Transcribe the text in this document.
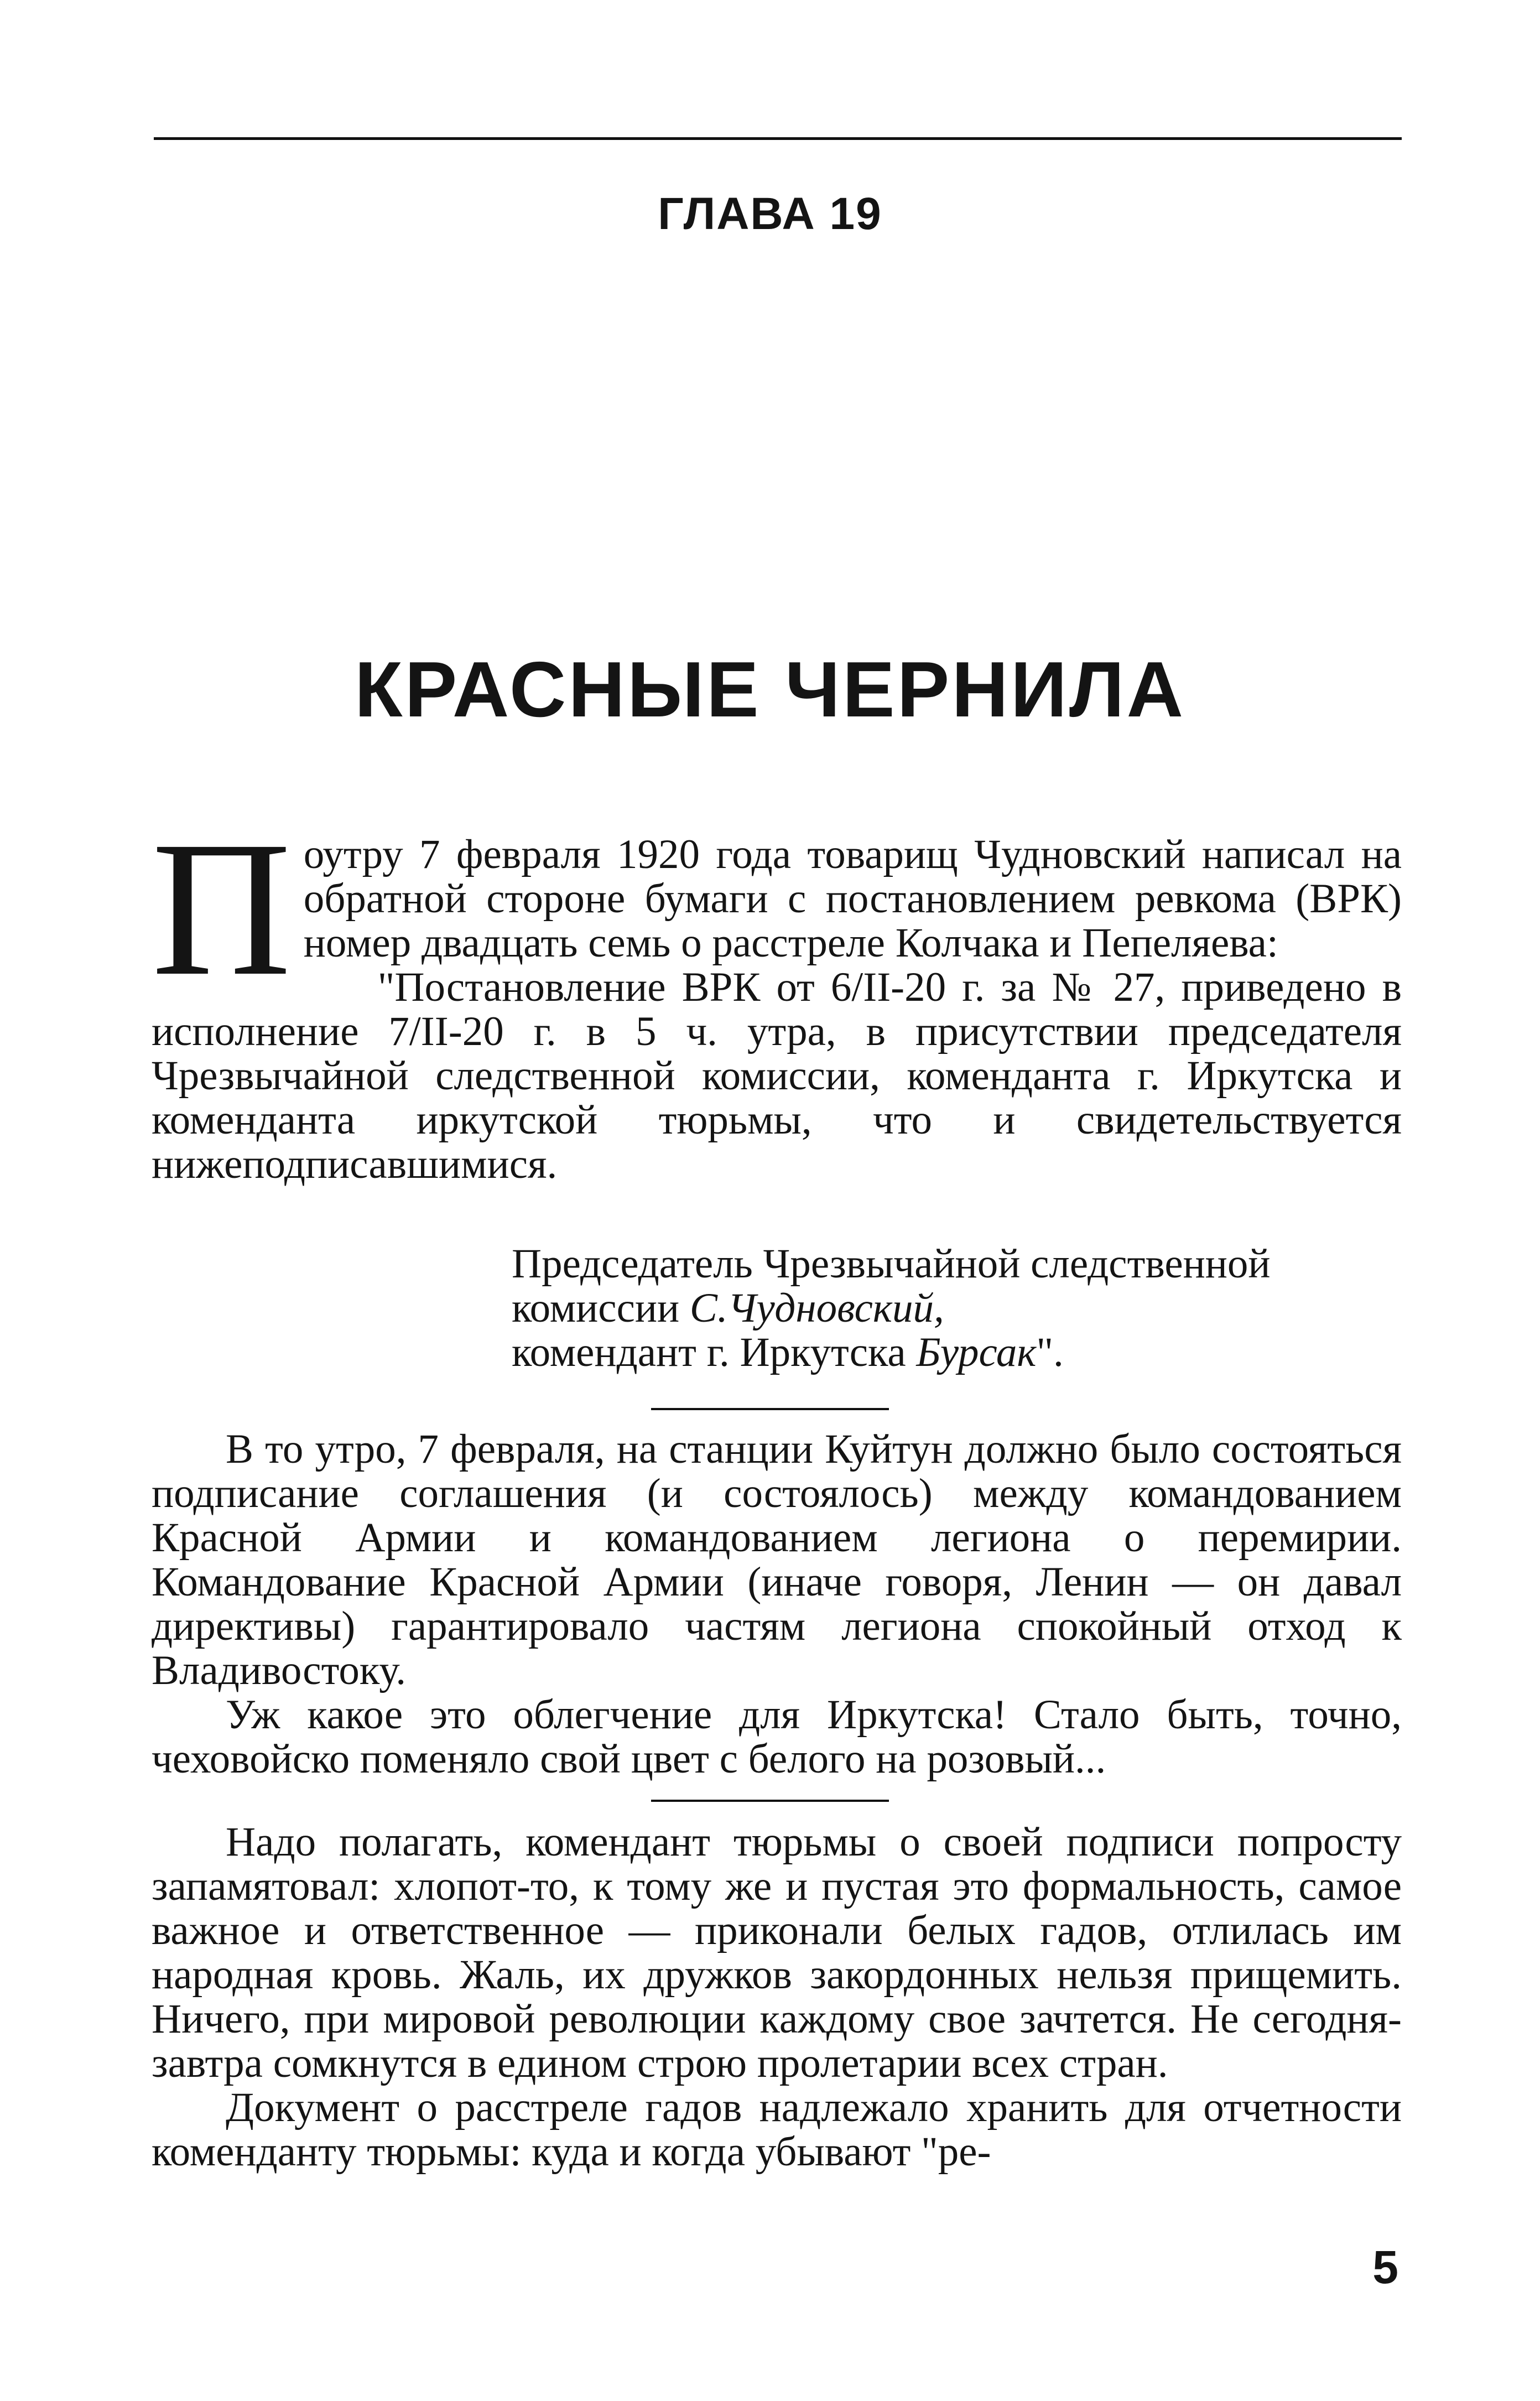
ГЛАВА 19
КРАСНЫЕ ЧЕРНИЛА

Поутру 7 февраля 1920 года товарищ Чудновский написал на обратной стороне бумаги с постановлением ревкома (ВРК) номер двадцать семь о расстреле Колчака и Пепеляева:

"Постановление ВРК от 6/II-20 г. за № 27, приведено в исполнение 7/II-20 г. в 5 ч. утра, в присутствии председателя Чрезвычайной следственной комиссии, коменданта г. Иркутска и коменданта иркутской тюрьмы, что и свидетельствуется нижеподписавшимися.

Председатель Чрезвычайной следственной
комиссии С.Чудновский,
комендант г. Иркутска Бурсак".

В то утро, 7 февраля, на станции Куйтун должно было состояться подписание соглашения (и состоялось) между командованием Красной Армии и командованием легиона о перемирии. Командование Красной Армии (иначе говоря, Ленин — он давал директивы) гарантировало частям легиона спокойный отход к Владивостоку.

Уж какое это облегчение для Иркутска! Стало быть, точно, чеховойско поменяло свой цвет с белого на розовый...

Надо полагать, комендант тюрьмы о своей подписи попросту запамятовал: хлопот-то, к тому же и пустая это формальность, самое важное и ответственное — приконали белых гадов, отлилась им народная кровь. Жаль, их дружков закордонных нельзя прищемить. Ничего, при мировой революции каждому свое зачтется. Не сегодня-завтра сомкнутся в едином строю пролетарии всех стран.

Документ о расстреле гадов надлежало хранить для отчетности коменданту тюрьмы: куда и когда убывают "ре-

5
